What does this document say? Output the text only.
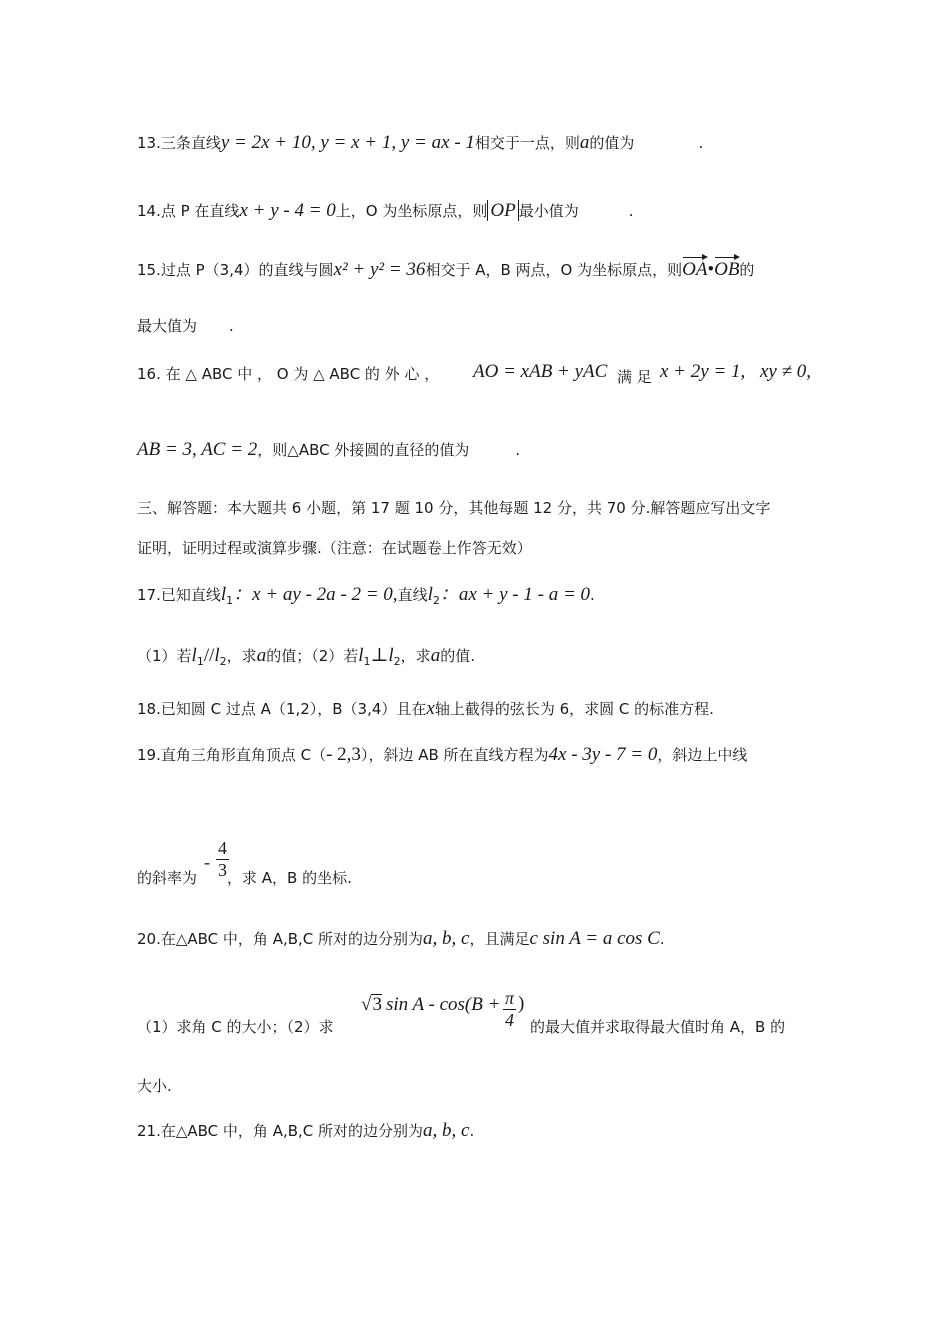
13.三条直线y = 2x + 10, y = x + 1, y = ax - 1相交于一点，则a的值为	.
14.点 P 在直线x + y - 4 = 0上，O 为坐标原点，则 OP 最小值为	.
15.过点 P（3,4）的直线与圆x² + y² = 36相交于 A，B 两点，O 为坐标原点，则OA•OB的
最大值为 .
16. 在 △ ABC 中 ， O 为 △ ABC 的 外 心 ， AO = xAB + yAC 满 足 x + 2y = 1, xy ≠ 0,
AB = 3, AC = 2，则△ABC 外接圆的直径的值为	.
三、解答题：本大题共 6 小题，第 17 题 10 分，其他每题 12 分，共 70 分.解答题应写出文字
证明，证明过程或演算步骤.（注意：在试题卷上作答无效）
17.已知直线$l_1$：x + ay - 2a - 2 = 0,直线$l_2$：ax + y - 1 - a = 0.
（1）若$l_1//l_2$，求a的值；（2）若$l_1\perp l_2$，求a的值.
18.已知圆 C 过点 A（1,2），B（3,4）且在x轴上截得的弦长为 6，求圆 C 的标准方程.
19.直角三角形直角顶点 C（- 2,3），斜边 AB 所在直线方程为4x - 3y - 7 = 0，斜边上中线
的斜率为 ，求 A，B 的坐标.
- $\frac{4}{3}$
20.在△ABC 中，角 A,B,C 所对的边分别为a, b, c，且满足c sin A = a cos C.
（1）求角 C 的大小；（2）求
√3 $\sin A - \cos(B + \frac{\pi}{4}$ )
的最大值并求取得最大值时角 A，B 的
大小.
21.在△ABC 中，角 A,B,C 所对的边分别为a, b, c.
